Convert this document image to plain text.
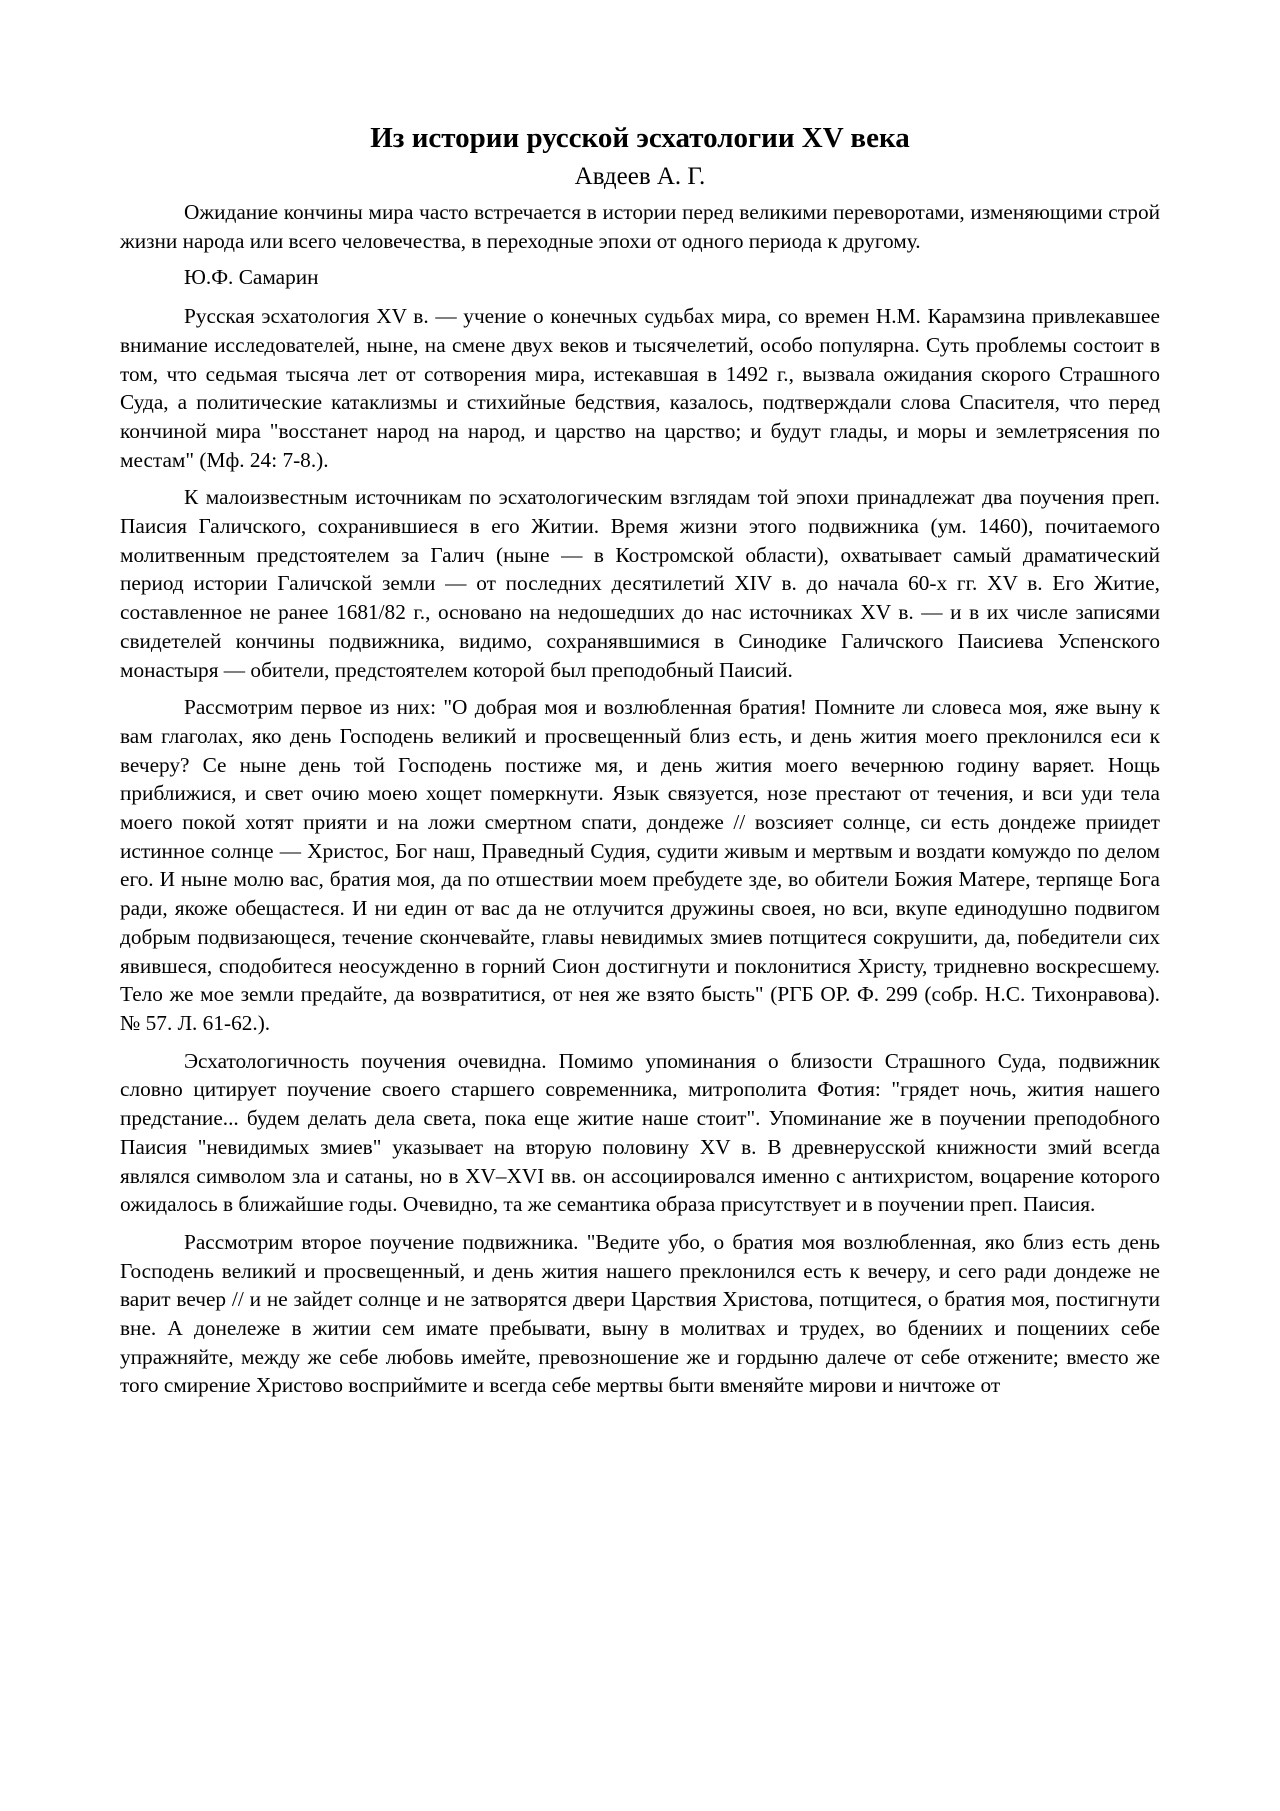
Из истории русской эсхатологии XV века
Авдеев А. Г.

Ожидание кончины мира часто встречается в истории перед великими переворотами, изменяющими строй жизни народа или всего человечества, в переходные эпохи от одного периода к другому.

Ю.Ф. Самарин

Русская эсхатология XV в. — учение о конечных судьбах мира, со времен Н.М. Карамзина привлекавшее внимание исследователей, ныне, на смене двух веков и тысячелетий, особо популярна. Суть проблемы состоит в том, что седьмая тысяча лет от сотворения мира, истекавшая в 1492 г., вызвала ожидания скорого Страшного Суда, а политические катаклизмы и стихийные бедствия, казалось, подтверждали слова Спасителя, что перед кончиной мира "восстанет народ на народ, и царство на царство; и будут глады, и моры и землетрясения по местам" (Мф. 24: 7-8.).

К малоизвестным источникам по эсхатологическим взглядам той эпохи принадлежат два поучения преп. Паисия Галичского, сохранившиеся в его Житии. Время жизни этого подвижника (ум. 1460), почитаемого молитвенным предстоятелем за Галич (ныне — в Костромской области), охватывает самый драматический период истории Галичской земли — от последних десятилетий XIV в. до начала 60-х гг. XV в. Его Житие, составленное не ранее 1681/82 г., основано на недошедших до нас источниках XV в. — и в их числе записями свидетелей кончины подвижника, видимо, сохранявшимися в Синодике Галичского Паисиева Успенского монастыря — обители, предстоятелем которой был преподобный Паисий.

Рассмотрим первое из них: "О добрая моя и возлюбленная братия! Помните ли словеса моя, яже выну к вам глаголах, яко день Господень великий и просвещенный близ есть, и день жития моего преклонился еси к вечеру? Се ныне день той Господень постиже мя, и день жития моего вечернюю годину варяет. Нощь приближися, и свет очию моею хощет померкнути. Язык связуется, нозе престают от течения, и вси уди тела моего покой хотят прияти и на ложи смертном спати, дондеже // возсияет солнце, си есть дондеже приидет истинное солнце — Христос, Бог наш, Праведный Судия, судити живым и мертвым и воздати комуждо по делом его. И ныне молю вас, братия моя, да по отшествии моем пребудете зде, во обители Божия Матере, терпяще Бога ради, якоже обещастеся. И ни един от вас да не отлучится дружины своея, но вси, вкупе единодушно подвигом добрым подвизающеся, течение скончевайте, главы невидимых змиев потщитеся сокрушити, да, победители сих явившеся, сподобитеся неосужденно в горний Сион достигнути и поклонитися Христу, тридневно воскресшему. Тело же мое земли предайте, да возвратитися, от нея же взято бысть" (РГБ ОР. Ф. 299 (собр. Н.С. Тихонравова). № 57. Л. 61-62.).

Эсхатологичность поучения очевидна. Помимо упоминания о близости Страшного Суда, подвижник словно цитирует поучение своего старшего современника, митрополита Фотия: "грядет ночь, жития нашего предстание... будем делать дела света, пока еще житие наше стоит". Упоминание же в поучении преподобного Паисия "невидимых змиев" указывает на вторую половину XV в. В древнерусской книжности змий всегда являлся символом зла и сатаны, но в XV–XVI вв. он ассоциировался именно с антихристом, воцарение которого ожидалось в ближайшие годы. Очевидно, та же семантика образа присутствует и в поучении преп. Паисия.

Рассмотрим второе поучение подвижника. "Ведите убо, о братия моя возлюбленная, яко близ есть день Господень великий и просвещенный, и день жития нашего преклонился есть к вечеру, и сего ради дондеже не варит вечер // и не зайдет солнце и не затворятся двери Царствия Христова, потщитеся, о братия моя, постигнути вне. А донележе в житии сем имате пребывати, выну в молитвах и трудех, во бдениих и пощениих себе упражняйте, между же себе любовь имейте, превозношение же и гордыню далече от себе отжените; вместо же того смирение Христово восприймите и всегда себе мертвы быти вменяйте мирови и ничтоже от
